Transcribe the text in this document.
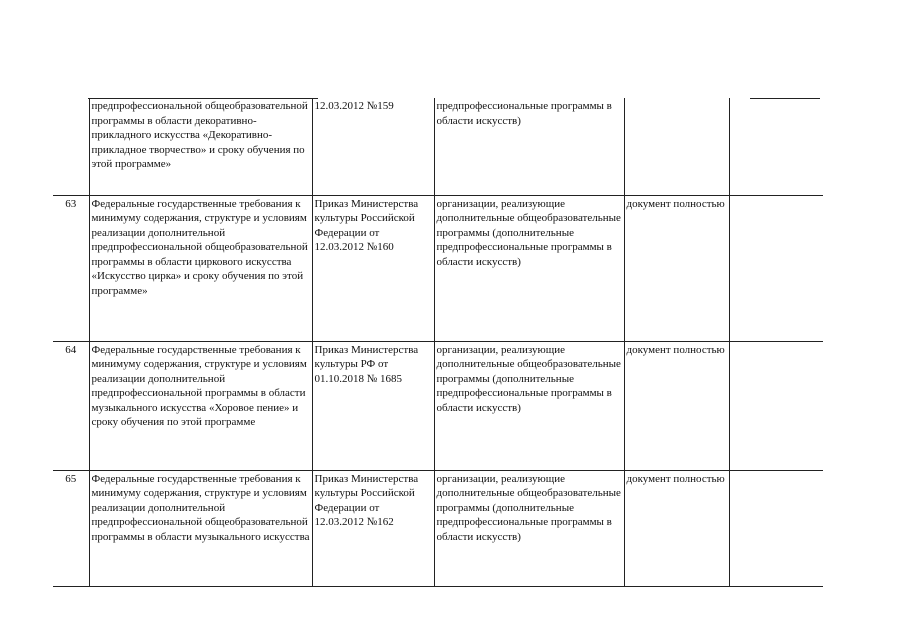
	предпрофессиональной общеобразовательной программы в области декоративно-прикладного искусства «Декоративно-прикладное творчество» и сроку обучения по этой программе»	12.03.2012 №159	предпрофессиональные программы в области искусств)		

63	Федеральные государственные требования к минимуму содержания, структуре и условиям реализации дополнительной предпрофессиональной общеобразовательной программы в области циркового искусства «Искусство цирка» и сроку обучения по этой программе»	Приказ Министерства культуры Российской Федерации от 12.03.2012 №160	организации, реализующие дополнительные общеобразовательные программы (дополнительные предпрофессиональные программы в области искусств)	документ полностью	

64	Федеральные государственные требования к минимуму содержания, структуре и условиям реализации дополнительной предпрофессиональной программы в области музыкального искусства «Хоровое пение» и сроку обучения по этой программе	Приказ Министерства культуры РФ от 01.10.2018 № 1685	организации, реализующие дополнительные общеобразовательные программы (дополнительные предпрофессиональные программы в области искусств)	документ полностью	

65	Федеральные государственные требования к минимуму содержания, структуре и условиям реализации дополнительной предпрофессиональной общеобразовательной программы в области музыкального искусства	Приказ Министерства культуры Российской Федерации от 12.03.2012 №162	организации, реализующие дополнительные общеобразовательные программы (дополнительные предпрофессиональные программы в области искусств)	документ полностью	
